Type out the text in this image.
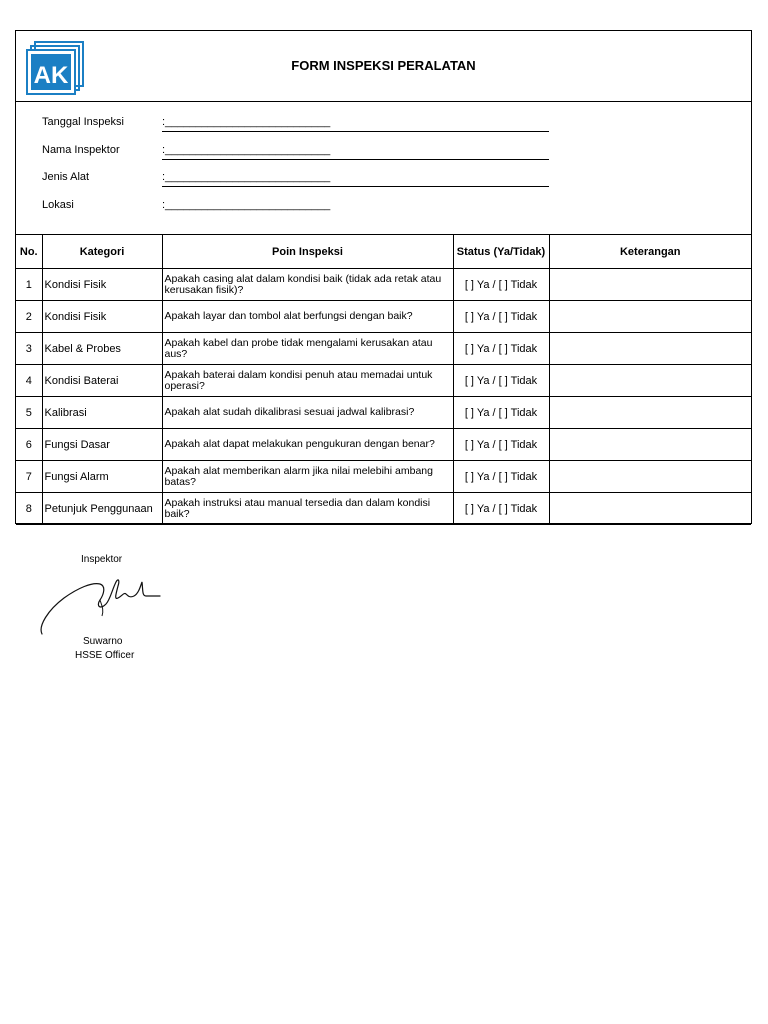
AK	FORM INSPEKSI PERALATAN
Tanggal Inspeksi	:___________________________
Nama Inspektor	:___________________________
Jenis Alat	:___________________________
Lokasi	:___________________________
No.	Kategori	Poin Inspeksi	Status (Ya/Tidak)	Keterangan
1	Kondisi Fisik	Apakah casing alat dalam kondisi baik (tidak ada retak atau kerusakan fisik)?	[ ] Ya / [ ] Tidak	
2	Kondisi Fisik	Apakah layar dan tombol alat berfungsi dengan baik?	[ ] Ya / [ ] Tidak	
3	Kabel & Probes	Apakah kabel dan probe tidak mengalami kerusakan atau aus?	[ ] Ya / [ ] Tidak	
4	Kondisi Baterai	Apakah baterai dalam kondisi penuh atau memadai untuk operasi?	[ ] Ya / [ ] Tidak	
5	Kalibrasi	Apakah alat sudah dikalibrasi sesuai jadwal kalibrasi?	[ ] Ya / [ ] Tidak	
6	Fungsi Dasar	Apakah alat dapat melakukan pengukuran dengan benar?	[ ] Ya / [ ] Tidak	
7	Fungsi Alarm	Apakah alat memberikan alarm jika nilai melebihi ambang batas?	[ ] Ya / [ ] Tidak	
8	Petunjuk Penggunaan	Apakah instruksi atau manual tersedia dan dalam kondisi baik?	[ ] Ya / [ ] Tidak	
Inspektor
Suwarno
HSSE Officer
